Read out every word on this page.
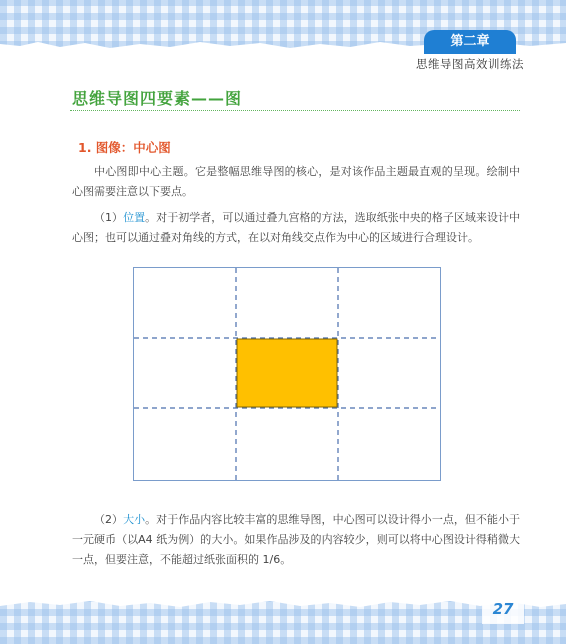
第二章
思维导图高效训练法
思维导图四要素——图
1. 图像：中心图
中心图即中心主题。它是整幅思维导图的核心，是对该作品主题最直观的呈现。绘制中心图需要注意以下要点。
（1）位置。对于初学者，可以通过叠九宫格的方法，选取纸张中央的格子区域来设计中心图；也可以通过叠对角线的方式，在以对角线交点作为中心的区域进行合理设计。
（2）大小。对于作品内容比较丰富的思维导图，中心图可以设计得小一点，但不能小于一元硬币（以A4 纸为例）的大小。如果作品涉及的内容较少，则可以将中心图设计得稍微大一点，但要注意，不能超过纸张面积的 1/6。
27
